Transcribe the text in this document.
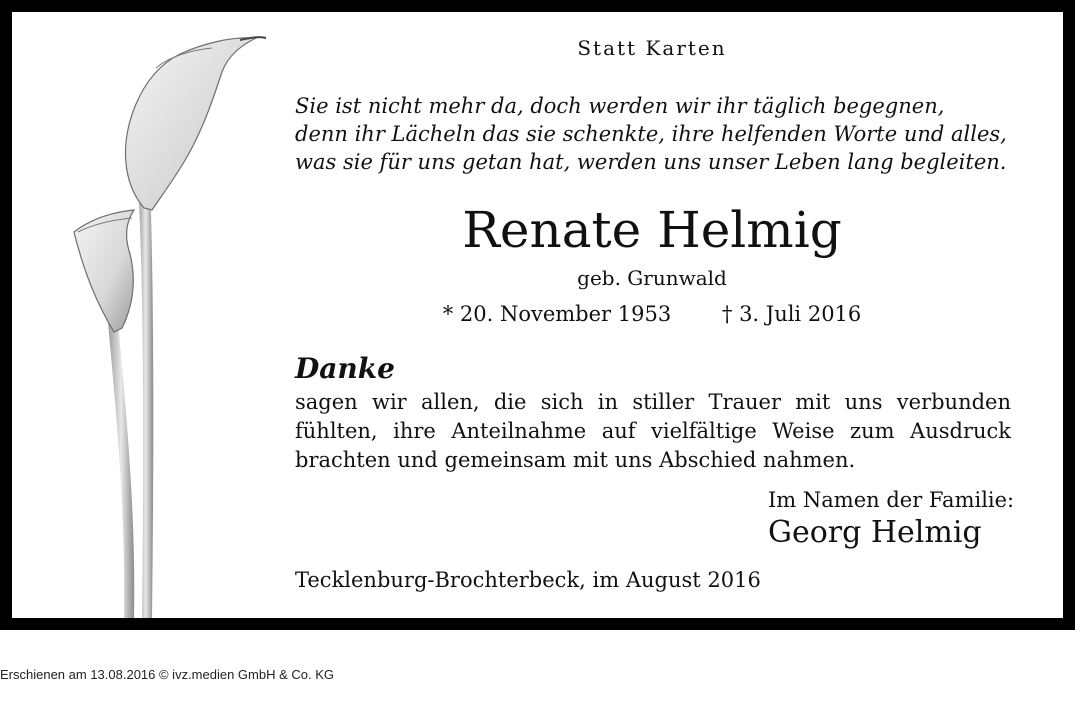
Statt Karten
Sie ist nicht mehr da, doch werden wir ihr täglich begegnen,
denn ihr Lächeln das sie schenkte, ihre helfenden Worte und alles,
was sie für uns getan hat, werden uns unser Leben lang begleiten.
Renate Helmig
geb. Grunwald
* 20. November 1953 † 3. Juli 2016
Danke
sagen wir allen, die sich in stiller Trauer mit uns verbunden
fühlten, ihre Anteilnahme auf vielfältige Weise zum Ausdruck
brachten und gemeinsam mit uns Abschied nahmen.
Im Namen der Familie:
Georg Helmig
Tecklenburg-Brochterbeck, im August 2016
Erschienen am 13.08.2016 © ivz.medien GmbH & Co. KG
